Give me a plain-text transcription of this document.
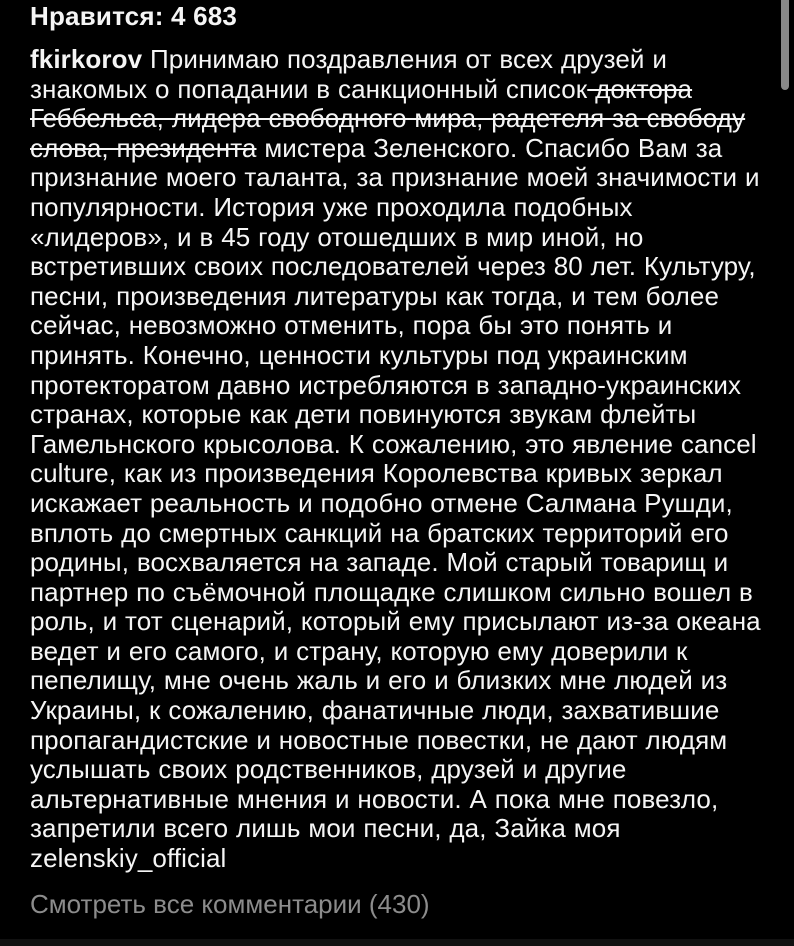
Нравится: 4 683

fkirkorov Принимаю поздравления от всех друзей и знакомых о попадании в санкционный список доктора Геббельса, лидера свободного мира, радетеля за свободу слова, президента мистера Зеленского. Спасибо Вам за признание моего таланта, за признание моей значимости и популярности. История уже проходила подобных «лидеров», и в 45 году отошедших в мир иной, но встретивших своих последователей через 80 лет. Культуру, песни, произведения литературы как тогда, и тем более сейчас, невозможно отменить, пора бы это понять и принять. Конечно, ценности культуры под украинским протекторатом давно истребляются в западно-украинских странах, которые как дети повинуются звукам флейты Гамельнского крысолова. К сожалению, это явление cancel culture, как из произведения Королевства кривых зеркал искажает реальность и подобно отмене Салмана Рушди, вплоть до смертных санкций на братских территорий его родины, восхваляется на западе. Мой старый товарищ и партнер по съёмочной площадке слишком сильно вошел в роль, и тот сценарий, который ему присылают из-за океана ведет и его самого, и страну, которую ему доверили к пепелищу, мне очень жаль и его и близких мне людей из Украины, к сожалению, фанатичные люди, захватившие пропагандистские и новостные повестки, не дают людям услышать своих родственников, друзей и другие альтернативные мнения и новости. А пока мне повезло, запретили всего лишь мои песни, да, Зайка моя zelenskiy_official

Смотреть все комментарии (430)
